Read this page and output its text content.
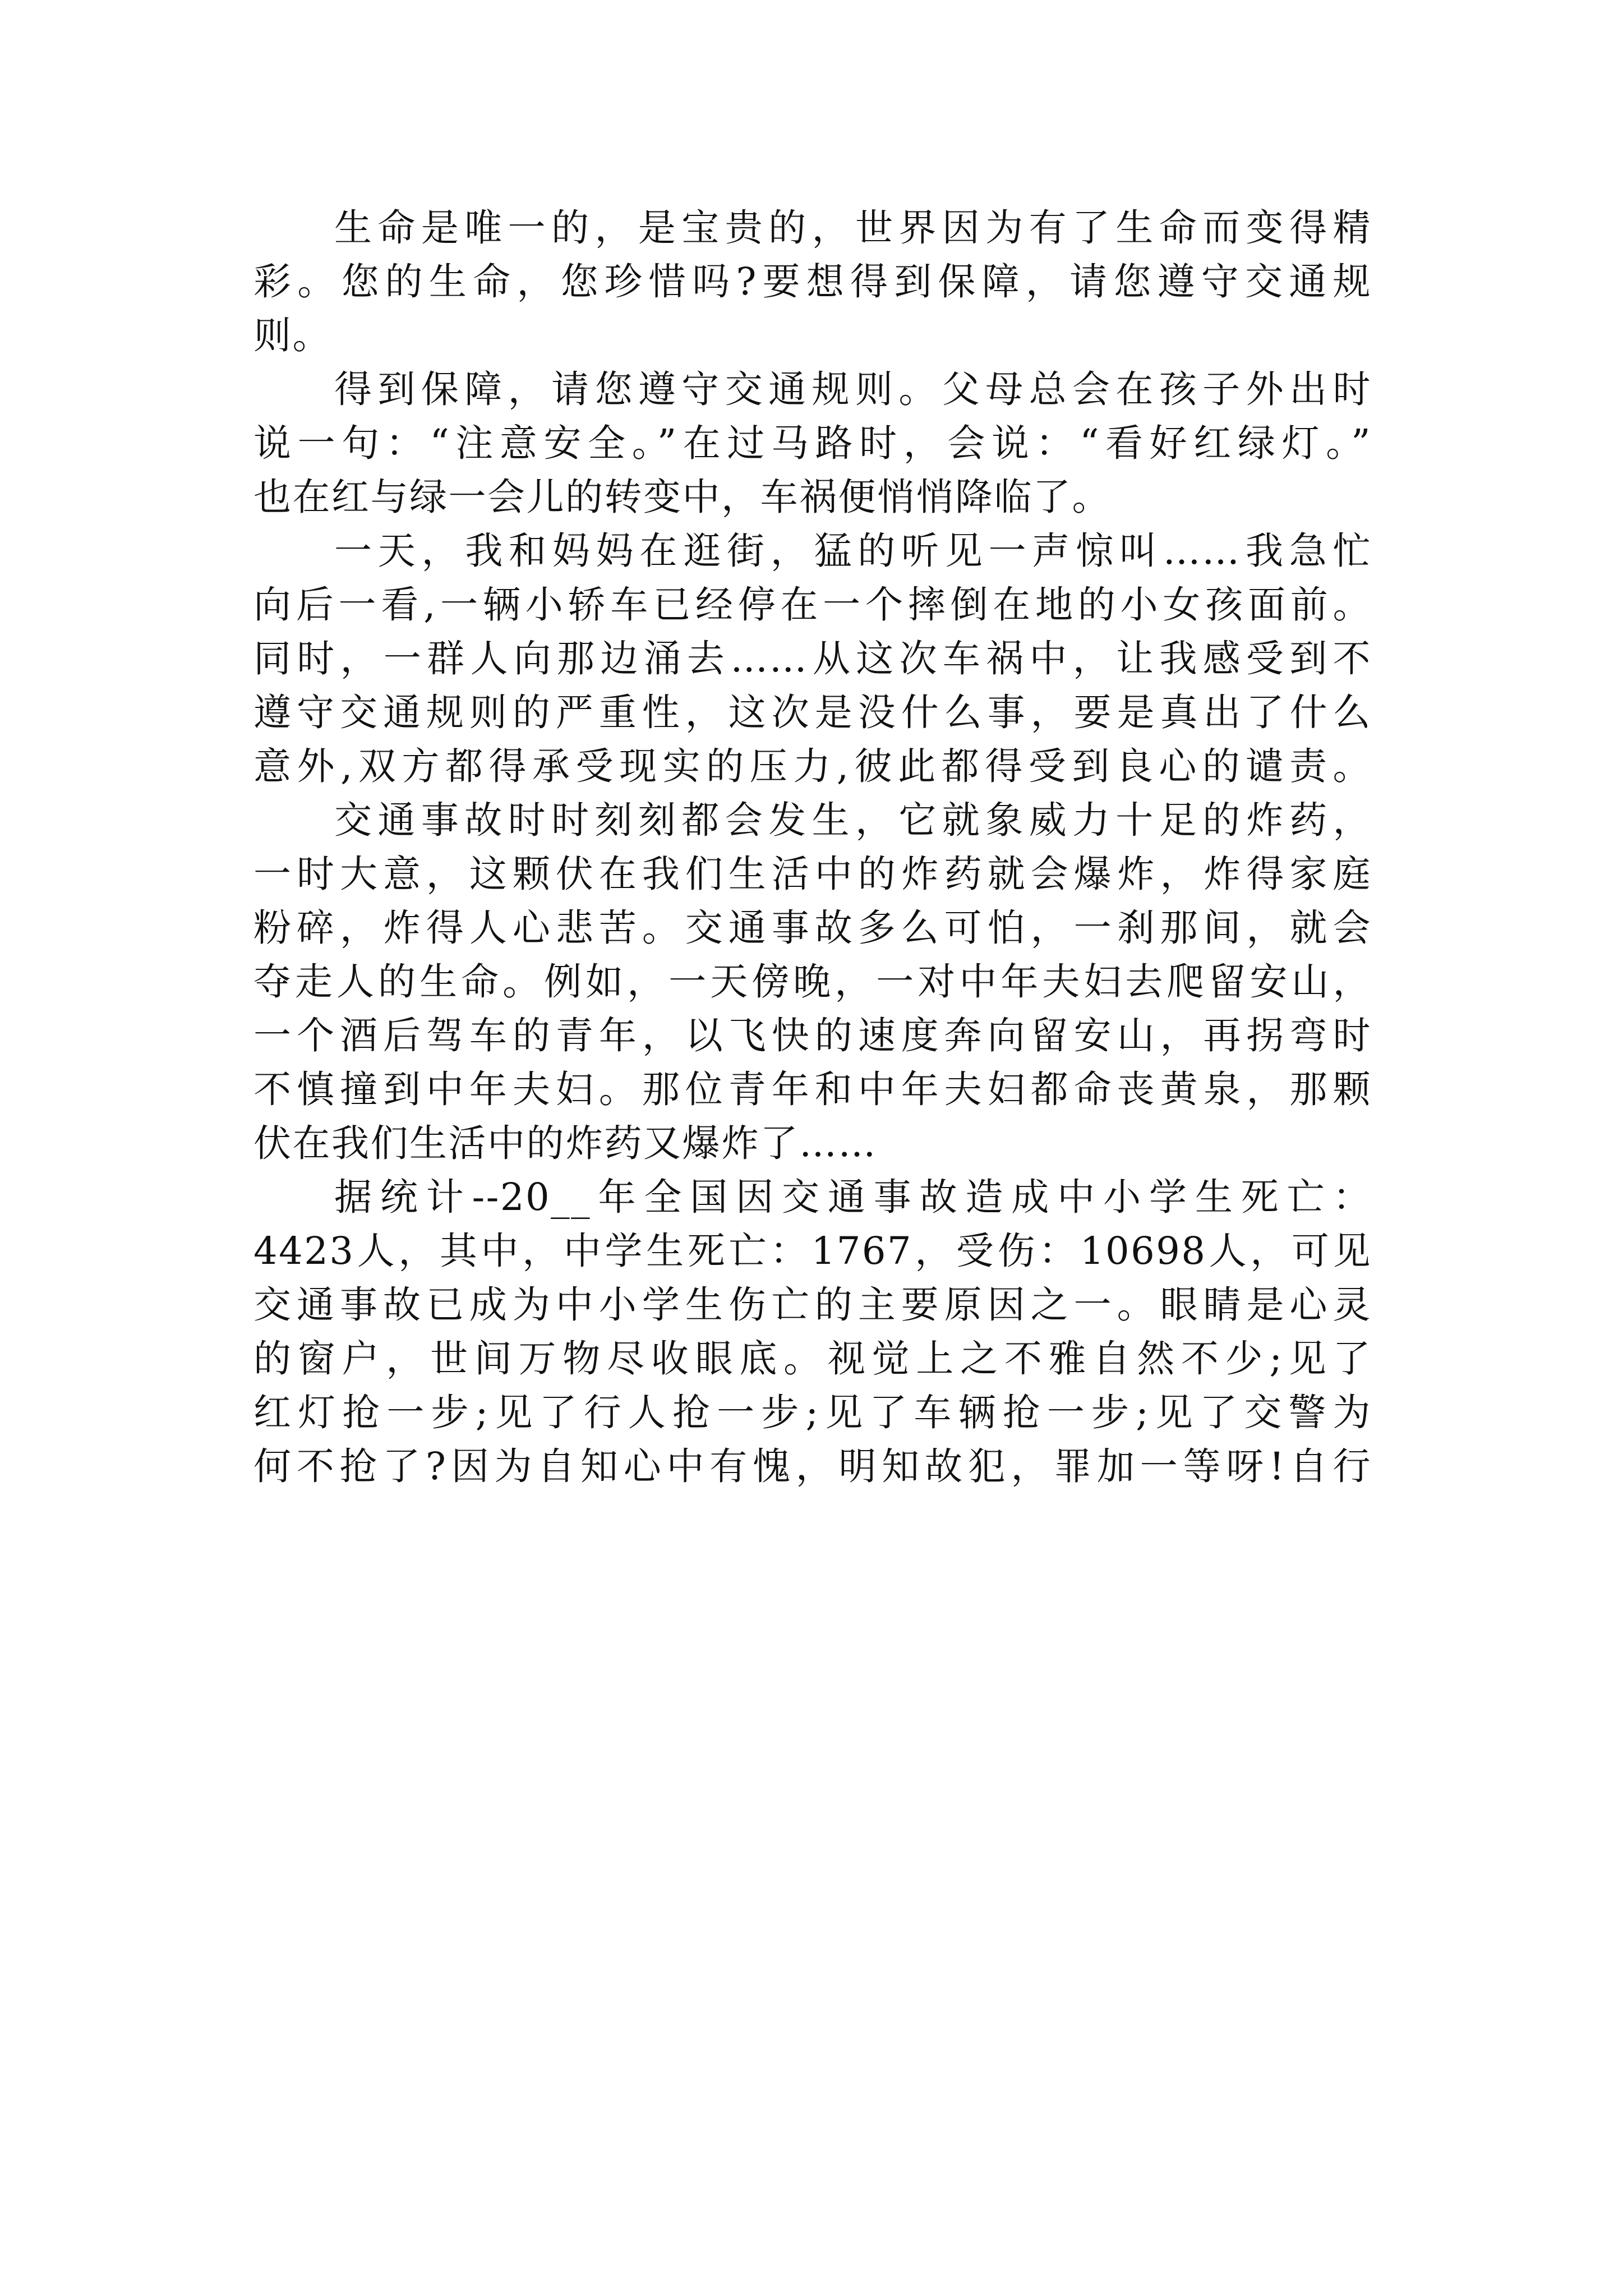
生命是唯一的，是宝贵的，世界因为有了生命而变得精
彩。您的生命，您珍惜吗?要想得到保障，请您遵守交通规
则。
得到保障，请您遵守交通规则。父母总会在孩子外出时
说一句：“注意安全。”在过马路时，会说：“看好红绿灯。”
也在红与绿一会儿的转变中，车祸便悄悄降临了。
一天，我和妈妈在逛街，猛的听见一声惊叫……我急忙
向后一看,一辆小轿车已经停在一个摔倒在地的小女孩面前。
同时，一群人向那边涌去……从这次车祸中，让我感受到不
遵守交通规则的严重性，这次是没什么事，要是真出了什么
意外,双方都得承受现实的压力,彼此都得受到良心的谴责。
交通事故时时刻刻都会发生，它就象威力十足的炸药，
一时大意，这颗伏在我们生活中的炸药就会爆炸，炸得家庭
粉碎，炸得人心悲苦。交通事故多么可怕，一刹那间，就会
夺走人的生命。例如，一天傍晚，一对中年夫妇去爬留安山，
一个酒后驾车的青年，以飞快的速度奔向留安山，再拐弯时
不慎撞到中年夫妇。那位青年和中年夫妇都命丧黄泉，那颗
伏在我们生活中的炸药又爆炸了……
据统计--20__年全国因交通事故造成中小学生死亡：
4423人，其中，中学生死亡：1767，受伤：10698人，可见
交通事故已成为中小学生伤亡的主要原因之一。眼睛是心灵
的窗户，世间万物尽收眼底。视觉上之不雅自然不少;见了
红灯抢一步;见了行人抢一步;见了车辆抢一步;见了交警为
何不抢了?因为自知心中有愧，明知故犯，罪加一等呀!自行
